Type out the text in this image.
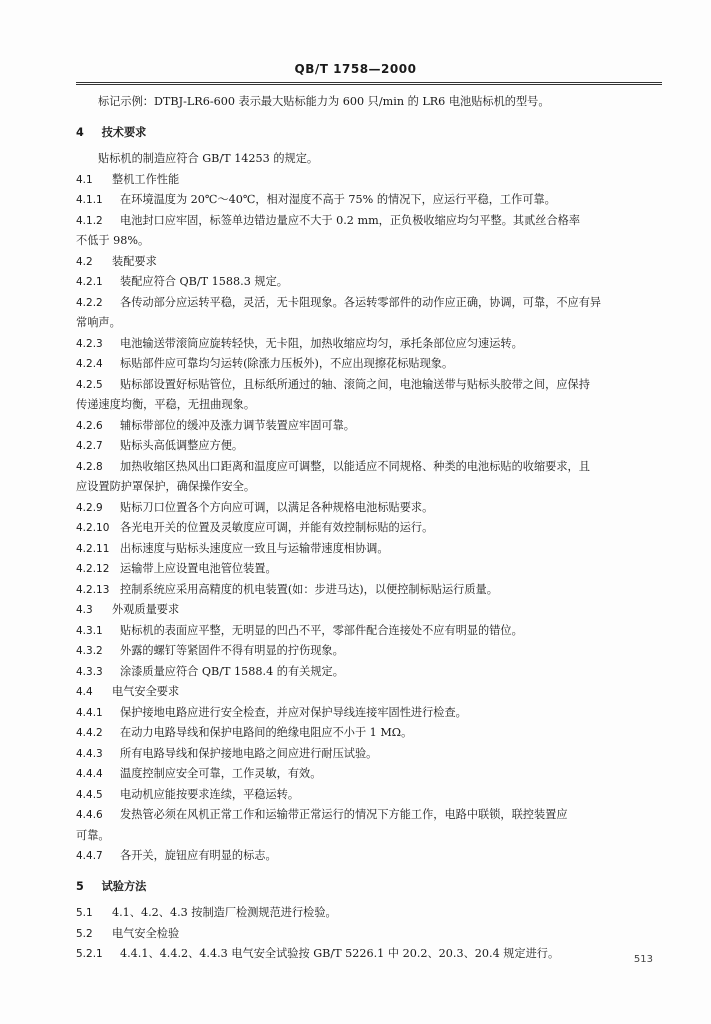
QB/T 1758—2000
标记示例：DTBJ-LR6-600 表示最大贴标能力为 600 只/min 的 LR6 电池贴标机的型号。
4 技术要求
贴标机的制造应符合 GB/T 14253 的规定。
4.1 整机工作性能
4.1.1 在环境温度为 20℃～40℃，相对湿度不高于 75% 的情况下，应运行平稳，工作可靠。
4.1.2 电池封口应牢固，标签单边错边量应不大于 0.2 mm，正负极收缩应均匀平整。其贰丝合格率
不低于 98%。
4.2 装配要求
4.2.1 装配应符合 QB/T 1588.3 规定。
4.2.2 各传动部分应运转平稳，灵活，无卡阻现象。各运转零部件的动作应正确，协调，可靠，不应有异
常响声。
4.2.3 电池输送带滚筒应旋转轻快，无卡阻，加热收缩应均匀，承托条部位应匀速运转。
4.2.4 标贴部件应可靠均匀运转(除涨力压板外)，不应出现擦花标贴现象。
4.2.5 贴标部设置好标贴管位，且标纸所通过的轴、滚筒之间，电池输送带与贴标头胶带之间，应保持
传递速度均衡，平稳，无扭曲现象。
4.2.6 辅标带部位的缓冲及涨力调节装置应牢固可靠。
4.2.7 贴标头高低调整应方便。
4.2.8 加热收缩区热风出口距离和温度应可调整，以能适应不同规格、种类的电池标贴的收缩要求，且
应设置防护罩保护，确保操作安全。
4.2.9 贴标刀口位置各个方向应可调，以满足各种规格电池标贴要求。
4.2.10 各光电开关的位置及灵敏度应可调，并能有效控制标贴的运行。
4.2.11 出标速度与贴标头速度应一致且与运输带速度相协调。
4.2.12 运输带上应设置电池管位装置。
4.2.13 控制系统应采用高精度的机电装置(如：步进马达)，以便控制标贴运行质量。
4.3 外观质量要求
4.3.1 贴标机的表面应平整，无明显的凹凸不平，零部件配合连接处不应有明显的错位。
4.3.2 外露的螺钉等紧固件不得有明显的拧伤现象。
4.3.3 涂漆质量应符合 QB/T 1588.4 的有关规定。
4.4 电气安全要求
4.4.1 保护接地电路应进行安全检查，并应对保护导线连接牢固性进行检查。
4.4.2 在动力电路导线和保护电路间的绝缘电阻应不小于 1 MΩ。
4.4.3 所有电路导线和保护接地电路之间应进行耐压试验。
4.4.4 温度控制应安全可靠，工作灵敏，有效。
4.4.5 电动机应能按要求连续，平稳运转。
4.4.6 发热管必须在风机正常工作和运输带正常运行的情况下方能工作，电路中联锁，联控装置应
可靠。
4.4.7 各开关，旋钮应有明显的标志。
5 试验方法
5.1 4.1、4.2、4.3 按制造厂检测规范进行检验。
5.2 电气安全检验
5.2.1 4.4.1、4.4.2、4.4.3 电气安全试验按 GB/T 5226.1 中 20.2、20.3、20.4 规定进行。	513
